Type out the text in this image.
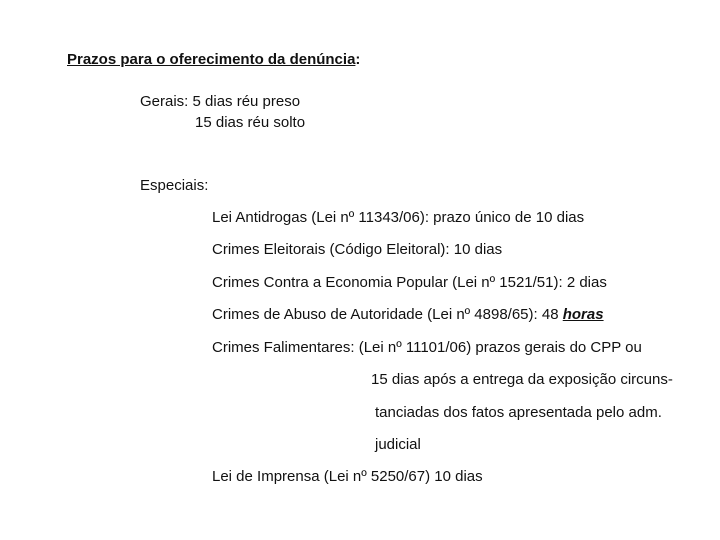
Prazos para o oferecimento da denúncia:
Gerais: 5 dias réu preso
15 dias réu solto
Especiais:
Lei Antidrogas (Lei nº 11343/06): prazo único de 10 dias
Crimes Eleitorais (Código Eleitoral): 10 dias
Crimes Contra a Economia Popular (Lei nº 1521/51): 2 dias
Crimes de Abuso de Autoridade (Lei nº 4898/65): 48 horas
Crimes Falimentares: (Lei nº 11101/06) prazos gerais do CPP ou
15 dias após a entrega da exposição circuns-
tanciadas dos fatos apresentada pelo adm.
judicial
Lei de Imprensa (Lei nº 5250/67) 10 dias
